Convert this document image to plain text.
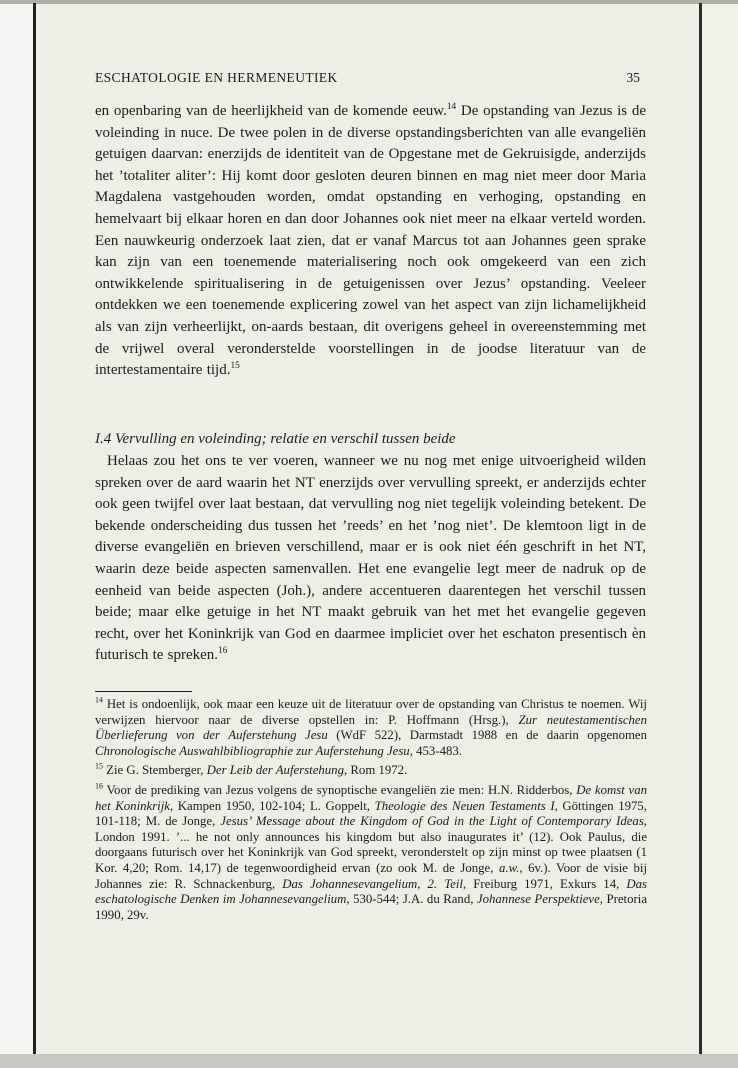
ESCHATOLOGIE EN HERMENEUTIEK	35

en openbaring van de heerlijkheid van de komende eeuw.$^{14}$ De opstanding van Jezus is de voleinding in nuce. De twee polen in de diverse opstandingsberichten van alle evangeliën getuigen daarvan: enerzijds de identiteit van de Opgestane met de Gekruisigde, anderzijds het ’totaliter aliter’: Hij komt door gesloten deuren binnen en mag niet meer door Maria Magdalena vastgehouden worden, omdat opstanding en verhoging, opstanding en hemelvaart bij elkaar horen en dan door Johannes ook niet meer na elkaar verteld worden. Een nauwkeurig onderzoek laat zien, dat er vanaf Marcus tot aan Johannes geen sprake kan zijn van een toenemende materialisering noch ook omgekeerd van een zich ontwikkelende spiritualisering in de getuigenissen over Jezus’ opstanding. Veeleer ontdekken we een toenemende explicering zowel van het aspect van zijn lichamelijkheid als van zijn verheerlijkt, on-aards bestaan, dit overigens geheel in overeenstemming met de vrijwel overal veronderstelde voorstellingen in de joodse literatuur van de intertestamentaire tijd.$^{15}$

I.4 Vervulling en voleinding; relatie en verschil tussen beide

Helaas zou het ons te ver voeren, wanneer we nu nog met enige uitvoerigheid wilden spreken over de aard waarin het NT enerzijds over vervulling spreekt, er anderzijds echter ook geen twijfel over laat bestaan, dat vervulling nog niet tegelijk voleinding betekent. De bekende onderscheiding dus tussen het ’reeds’ en het ’nog niet’. De klemtoon ligt in de diverse evangeliën en brieven verschillend, maar er is ook niet één geschrift in het NT, waarin deze beide aspecten samenvallen. Het ene evangelie legt meer de nadruk op de eenheid van beide aspecten (Joh.), andere accentueren daarentegen het verschil tussen beide; maar elke getuige in het NT maakt gebruik van het met het evangelie gegeven recht, over het Koninkrijk van God en daarmee impliciet over het eschaton presentisch èn futurisch te spreken.$^{16}$

$^{14}$ Het is ondoenlijk, ook maar een keuze uit de literatuur over de opstanding van Christus te noemen. Wij verwijzen hiervoor naar de diverse opstellen in: P. Hoffmann (Hrsg.), Zur neutestamentischen Überlieferung von der Auferstehung Jesu (WdF 522), Darmstadt 1988 en de daarin opgenomen Chronologische Auswahlbibliographie zur Auferstehung Jesu, 453-483.

$^{15}$ Zie G. Stemberger, Der Leib der Auferstehung, Rom 1972.

$^{16}$ Voor de prediking van Jezus volgens de synoptische evangeliën zie men: H.N. Ridderbos, De komst van het Koninkrijk, Kampen 1950, 102-104; L. Goppelt, Theologie des Neuen Testaments I, Göttingen 1975, 101-118; M. de Jonge, Jesus’ Message about the Kingdom of God in the Light of Contemporary Ideas, London 1991. ’... he not only announces his kingdom but also inaugurates it’ (12). Ook Paulus, die doorgaans futurisch over het Koninkrijk van God spreekt, veronderstelt op zijn minst op twee plaatsen (1 Kor. 4,20; Rom. 14,17) de tegenwoordigheid ervan (zo ook M. de Jonge, a.w., 6v.). Voor de visie bij Johannes zie: R. Schnackenburg, Das Johannesevangelium, 2. Teil, Freiburg 1971, Exkurs 14, Das eschatologische Denken im Johannesevangelium, 530-544; J.A. du Rand, Johannese Perspektieve, Pretoria 1990, 29v.
